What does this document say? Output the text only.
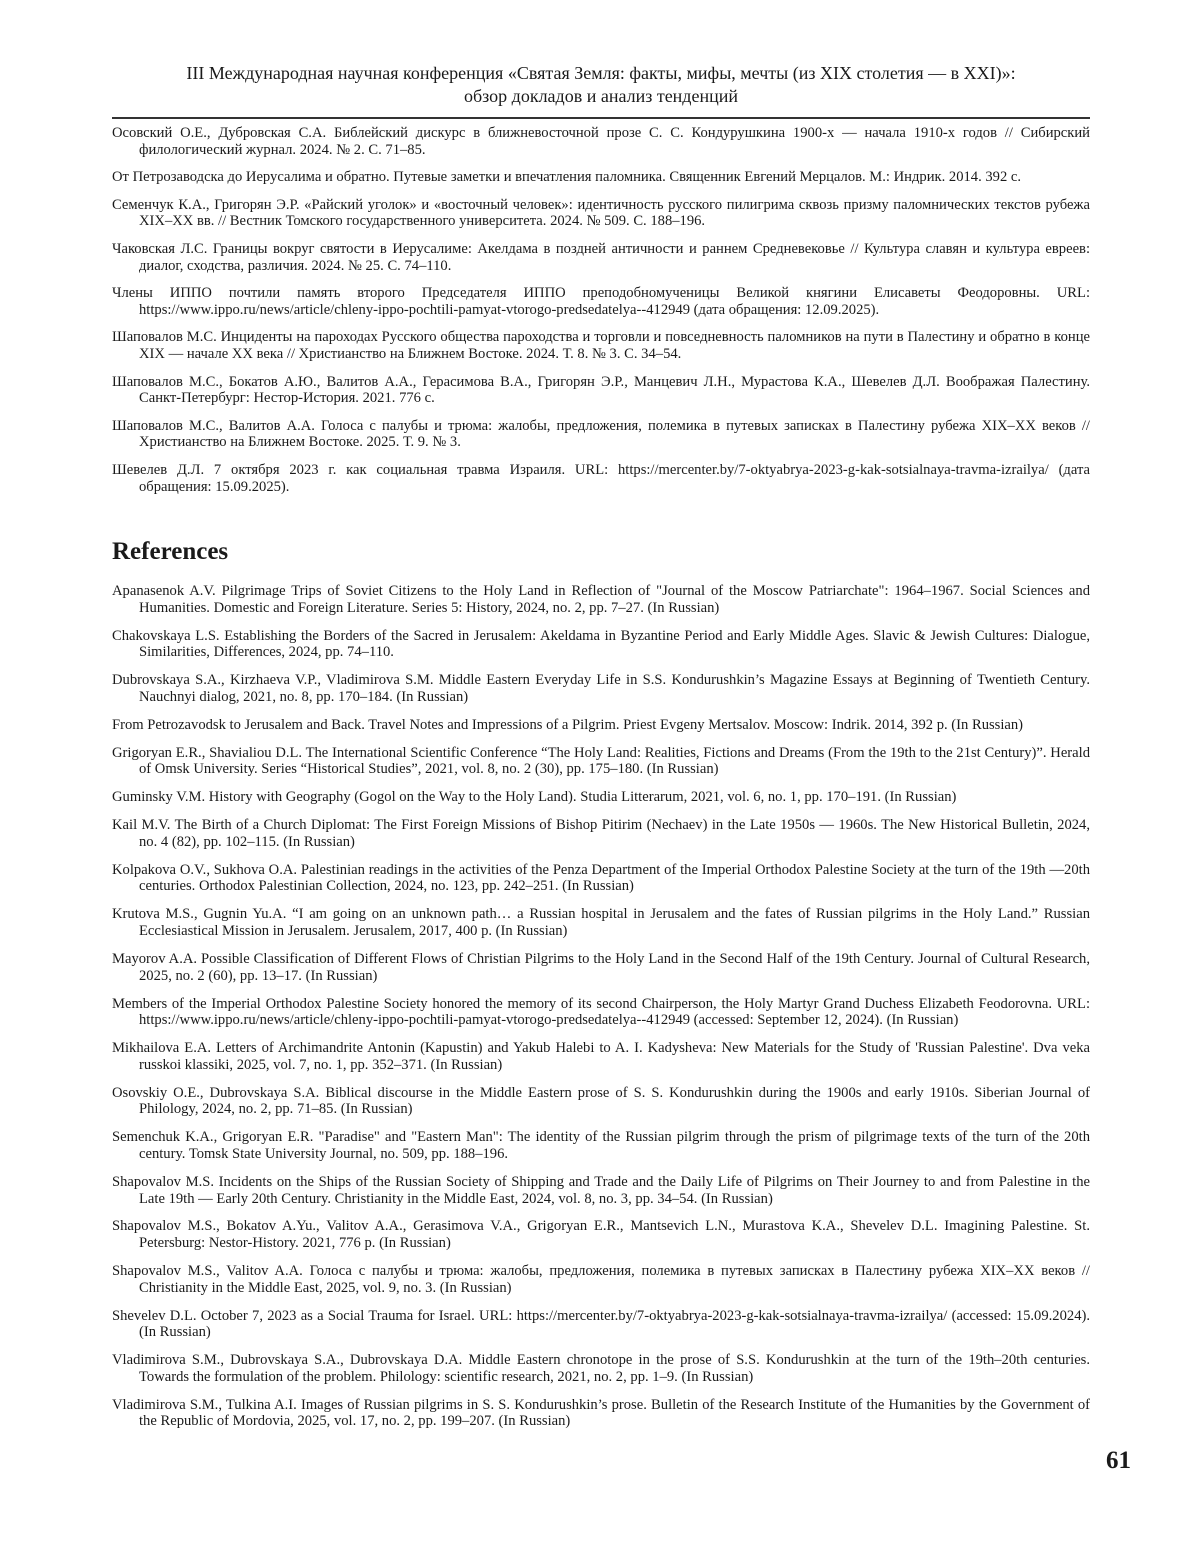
III Международная научная конференция «Святая Земля: факты, мифы, мечты (из XIX столетия — в XXI)»:
обзор докладов и анализ тенденций

Осовский О.Е., Дубровская С.А. Библейский дискурс в ближневосточной прозе С. С. Кондурушкина 1900-х — начала 1910-х годов // Сибирский филологический журнал. 2024. № 2. С. 71–85.

От Петрозаводска до Иерусалима и обратно. Путевые заметки и впечатления паломника. Священник Евгений Мерцалов. М.: Индрик. 2014. 392 с.

Семенчук К.А., Григорян Э.Р. «Райский уголок» и «восточный человек»: идентичность русского пилигрима сквозь призму паломнических текстов рубежа XIX–XX вв. // Вестник Томского государственного университета. 2024. № 509. С. 188–196.

Чаковская Л.С. Границы вокруг святости в Иерусалиме: Акелдама в поздней античности и раннем Средневековье // Культура славян и культура евреев: диалог, сходства, различия. 2024. № 25. С. 74–110.

Члены ИППО почтили память второго Председателя ИППО преподобномученицы Великой княгини Елисаветы Феодоровны. URL: https://www.ippo.ru/news/article/chleny-ippo-pochtili-pamyat-vtorogo-predsedatelya--412949 (дата обращения: 12.09.2025).

Шаповалов М.С. Инциденты на пароходах Русского общества пароходства и торговли и повседневность паломников на пути в Палестину и обратно в конце XIX — начале XX века // Христианство на Ближнем Востоке. 2024. Т. 8. № 3. С. 34–54.

Шаповалов М.С., Бокатов А.Ю., Валитов А.А., Герасимова В.А., Григорян Э.Р., Манцевич Л.Н., Мурастова К.А., Шевелев Д.Л. Воображая Палестину. Санкт-Петербург: Нестор-История. 2021. 776 с.

Шаповалов М.С., Валитов А.А. Голоса с палубы и трюма: жалобы, предложения, полемика в путевых записках в Палестину рубежа XIX–XX веков // Христианство на Ближнем Востоке. 2025. Т. 9. № 3.

Шевелев Д.Л. 7 октября 2023 г. как социальная травма Израиля. URL: https://mercenter.by/7-oktyabrya-2023-g-kak-sotsialnaya-travma-izrailya/ (дата обращения: 15.09.2025).

References

Apanasenok A.V. Pilgrimage Trips of Soviet Citizens to the Holy Land in Reflection of "Journal of the Moscow Patriarchate": 1964–1967. Social Sciences and Humanities. Domestic and Foreign Literature. Series 5: History, 2024, no. 2, pp. 7–27. (In Russian)

Chakovskaya L.S. Establishing the Borders of the Sacred in Jerusalem: Akeldama in Byzantine Period and Early Middle Ages. Slavic & Jewish Cultures: Dialogue, Similarities, Differences, 2024, pp. 74–110.

Dubrovskaya S.A., Kirzhaeva V.P., Vladimirova S.M. Middle Eastern Everyday Life in S.S. Kondurushkin’s Magazine Essays at Beginning of Twentieth Century. Nauchnyi dialog, 2021, no. 8, pp. 170–184. (In Russian)

From Petrozavodsk to Jerusalem and Back. Travel Notes and Impressions of a Pilgrim. Priest Evgeny Mertsalov. Moscow: Indrik. 2014, 392 p. (In Russian)

Grigoryan E.R., Shavialiou D.L. The International Scientific Conference “The Holy Land: Realities, Fictions and Dreams (From the 19th to the 21st Century)”. Herald of Omsk University. Series “Historical Studies”, 2021, vol. 8, no. 2 (30), pp. 175–180. (In Russian)

Guminsky V.M. History with Geography (Gogol on the Way to the Holy Land). Studia Litterarum, 2021, vol. 6, no. 1, pp. 170–191. (In Russian)

Kail M.V. The Birth of a Church Diplomat: The First Foreign Missions of Bishop Pitirim (Nechaev) in the Late 1950s — 1960s. The New Historical Bulletin, 2024, no. 4 (82), pp. 102–115. (In Russian)

Kolpakova O.V., Sukhova O.A. Palestinian readings in the activities of the Penza Department of the Imperial Orthodox Palestine Society at the turn of the 19th —20th centuries. Orthodox Palestinian Collection, 2024, no. 123, pp. 242–251. (In Russian)

Krutova M.S., Gugnin Yu.A. “I am going on an unknown path… a Russian hospital in Jerusalem and the fates of Russian pilgrims in the Holy Land.” Russian Ecclesiastical Mission in Jerusalem. Jerusalem, 2017, 400 p. (In Russian)

Mayorov A.A. Possible Classification of Different Flows of Christian Pilgrims to the Holy Land in the Second Half of the 19th Century. Journal of Cultural Research, 2025, no. 2 (60), pp. 13–17. (In Russian)

Members of the Imperial Orthodox Palestine Society honored the memory of its second Chairperson, the Holy Martyr Grand Duchess Elizabeth Feodorovna. URL: https://www.ippo.ru/news/article/chleny-ippo-pochtili-pamyat-vtorogo-predsedatelya--412949 (accessed: September 12, 2024). (In Russian)

Mikhailova E.A. Letters of Archimandrite Antonin (Kapustin) and Yakub Halebi to A. I. Kadysheva: New Materials for the Study of 'Russian Palestine'. Dva veka russkoi klassiki, 2025, vol. 7, no. 1, pp. 352–371. (In Russian)

Osovskiy O.E., Dubrovskaya S.A. Biblical discourse in the Middle Eastern prose of S. S. Kondurushkin during the 1900s and early 1910s. Siberian Journal of Philology, 2024, no. 2, pp. 71–85. (In Russian)

Semenchuk K.A., Grigoryan E.R. "Paradise" and "Eastern Man": The identity of the Russian pilgrim through the prism of pilgrimage texts of the turn of the 20th century. Tomsk State University Journal, no. 509, pp. 188–196.

Shapovalov M.S. Incidents on the Ships of the Russian Society of Shipping and Trade and the Daily Life of Pilgrims on Their Journey to and from Palestine in the Late 19th — Early 20th Century. Christianity in the Middle East, 2024, vol. 8, no. 3, pp. 34–54. (In Russian)

Shapovalov M.S., Bokatov A.Yu., Valitov A.A., Gerasimova V.A., Grigoryan E.R., Mantsevich L.N., Murastova K.A., Shevelev D.L. Imagining Palestine. St. Petersburg: Nestor-History. 2021, 776 p. (In Russian)

Shapovalov M.S., Valitov A.A. Голоса с палубы и трюма: жалобы, предложения, полемика в путевых записках в Палестину рубежа XIX–XX веков // Christianity in the Middle East, 2025, vol. 9, no. 3. (In Russian)

Shevelev D.L. October 7, 2023 as a Social Trauma for Israel. URL: https://mercenter.by/7-oktyabrya-2023-g-kak-sotsialnaya-travma-izrailya/ (accessed: 15.09.2024). (In Russian)

Vladimirova S.M., Dubrovskaya S.A., Dubrovskaya D.A. Middle Eastern chronotope in the prose of S.S. Kondurushkin at the turn of the 19th–20th centuries. Towards the formulation of the problem. Philology: scientific research, 2021, no. 2, pp. 1–9. (In Russian)

Vladimirova S.M., Tulkina A.I. Images of Russian pilgrims in S. S. Kondurushkin’s prose. Bulletin of the Research Institute of the Humanities by the Government of the Republic of Mordovia, 2025, vol. 17, no. 2, pp. 199–207. (In Russian)

61
